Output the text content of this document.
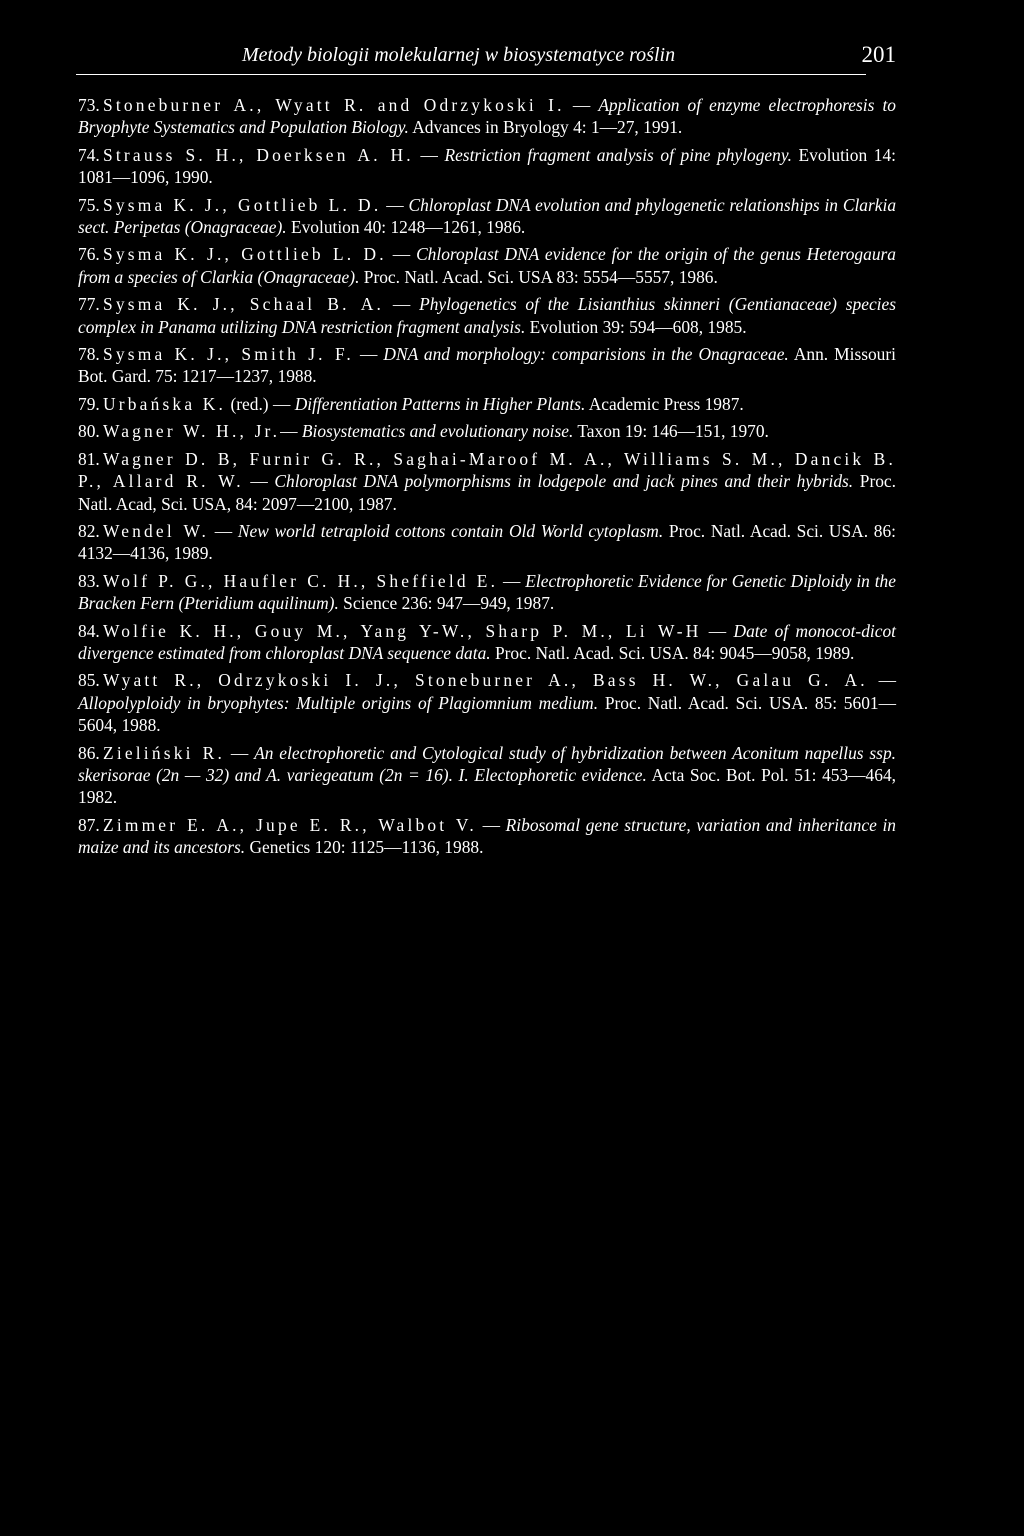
Metody biologii molekularnej w biosystematyce roślin	201

73. Stoneburner A., Wyatt R. and Odrzykoski I. — Application of enzyme electrophoresis to Bryophyte Systematics and Population Biology. Advances in Bryology 4: 1—27, 1991.

74. Strauss S. H., Doerksen A. H. — Restriction fragment analysis of pine phylogeny. Evolution 14: 1081—1096, 1990.

75. Sysma K. J., Gottlieb L. D. — Chloroplast DNA evolution and phylogenetic relationships in Clarkia sect. Peripetas (Onagraceae). Evolution 40: 1248—1261, 1986.

76. Sysma K. J., Gottlieb L. D. — Chloroplast DNA evidence for the origin of the genus Heterogaura from a species of Clarkia (Onagraceae). Proc. Natl. Acad. Sci. USA 83: 5554—5557, 1986.

77. Sysma K. J., Schaal B. A. — Phylogenetics of the Lisianthius skinneri (Gentianaceae) species complex in Panama utilizing DNA restriction fragment analysis. Evolution 39: 594—608, 1985.

78. Sysma K. J., Smith J. F. — DNA and morphology: comparisions in the Onagraceae. Ann. Missouri Bot. Gard. 75: 1217—1237, 1988.

79. Urbańska K. (red.) — Differentiation Patterns in Higher Plants. Academic Press 1987.

80. Wagner W. H., Jr.— Biosystematics and evolutionary noise. Taxon 19: 146—151, 1970.

81. Wagner D. B, Furnir G. R., Saghai-Maroof M. A., Williams S. M., Dancik B. P., Allard R. W. — Chloroplast DNA polymorphisms in lodgepole and jack pines and their hybrids. Proc. Natl. Acad, Sci. USA, 84: 2097—2100, 1987.

82. Wendel W. — New world tetraploid cottons contain Old World cytoplasm. Proc. Natl. Acad. Sci. USA. 86: 4132—4136, 1989.

83. Wolf P. G., Haufler C. H., Sheffield E. — Electrophoretic Evidence for Genetic Diploidy in the Bracken Fern (Pteridium aquilinum). Science 236: 947—949, 1987.

84. Wolfie K. H., Gouy M., Yang Y-W., Sharp P. M., Li W-H — Date of monocot-dicot divergence estimated from chloroplast DNA sequence data. Proc. Natl. Acad. Sci. USA. 84: 9045—9058, 1989.

85. Wyatt R., Odrzykoski I. J., Stoneburner A., Bass H. W., Galau G. A. — Allopolyploidy in bryophytes: Multiple origins of Plagiomnium medium. Proc. Natl. Acad. Sci. USA. 85: 5601—5604, 1988.

86. Zieliński R. — An electrophoretic and Cytological study of hybridization between Aconitum napellus ssp. skerisorae (2n — 32) and A. variegeatum (2n = 16). I. Electophoretic evidence. Acta Soc. Bot. Pol. 51: 453—464, 1982.

87. Zimmer E. A., Jupe E. R., Walbot V. — Ribosomal gene structure, variation and inheritance in maize and its ancestors. Genetics 120: 1125—1136, 1988.
